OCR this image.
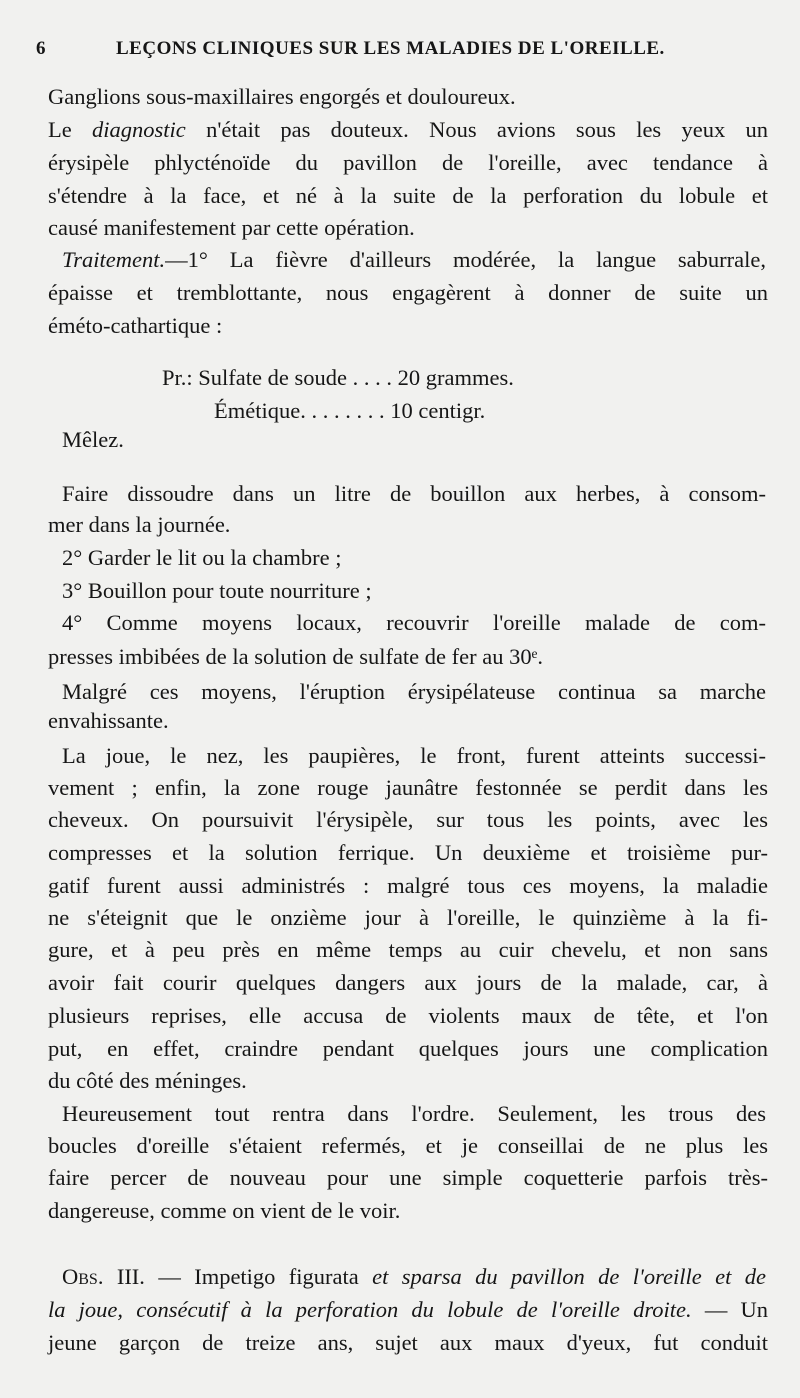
6	LEÇONS CLINIQUES SUR LES MALADIES DE L'OREILLE.
Ganglions sous-maxillaires engorgés et douloureux.
Le diagnostic n'était pas douteux. Nous avions sous les yeux un
érysipèle phlycténoïde du pavillon de l'oreille, avec tendance à
s'étendre à la face, et né à la suite de la perforation du lobule et
causé manifestement par cette opération.
Traitement.—1° La fièvre d'ailleurs modérée, la langue saburrale,
épaisse et tremblottante, nous engagèrent à donner de suite un
éméto-cathartique :
Pr.: Sulfate de soude . . . . 20 grammes.
Émétique. . . . . . . . 10 centigr.
Mêlez.
Faire dissoudre dans un litre de bouillon aux herbes, à consom-
mer dans la journée.
2° Garder le lit ou la chambre ;
3° Bouillon pour toute nourriture ;
4° Comme moyens locaux, recouvrir l'oreille malade de com-
presses imbibées de la solution de sulfate de fer au 30ᵉ.
Malgré ces moyens, l'éruption érysipélateuse continua sa marche
envahissante.
La joue, le nez, les paupières, le front, furent atteints successi-
vement ; enfin, la zone rouge jaunâtre festonnée se perdit dans les
cheveux. On poursuivit l'érysipèle, sur tous les points, avec les
compresses et la solution ferrique. Un deuxième et troisième pur-
gatif furent aussi administrés : malgré tous ces moyens, la maladie
ne s'éteignit que le onzième jour à l'oreille, le quinzième à la fi-
gure, et à peu près en même temps au cuir chevelu, et non sans
avoir fait courir quelques dangers aux jours de la malade, car, à
plusieurs reprises, elle accusa de violents maux de tête, et l'on
put, en effet, craindre pendant quelques jours une complication
du côté des méninges.
Heureusement tout rentra dans l'ordre. Seulement, les trous des
boucles d'oreille s'étaient refermés, et je conseillai de ne plus les
faire percer de nouveau pour une simple coquetterie parfois très-
dangereuse, comme on vient de le voir.
Obs. III. — Impetigo figurata et sparsa du pavillon de l'oreille et de
la joue, consécutif à la perforation du lobule de l'oreille droite. — Un
jeune garçon de treize ans, sujet aux maux d'yeux, fut conduit
